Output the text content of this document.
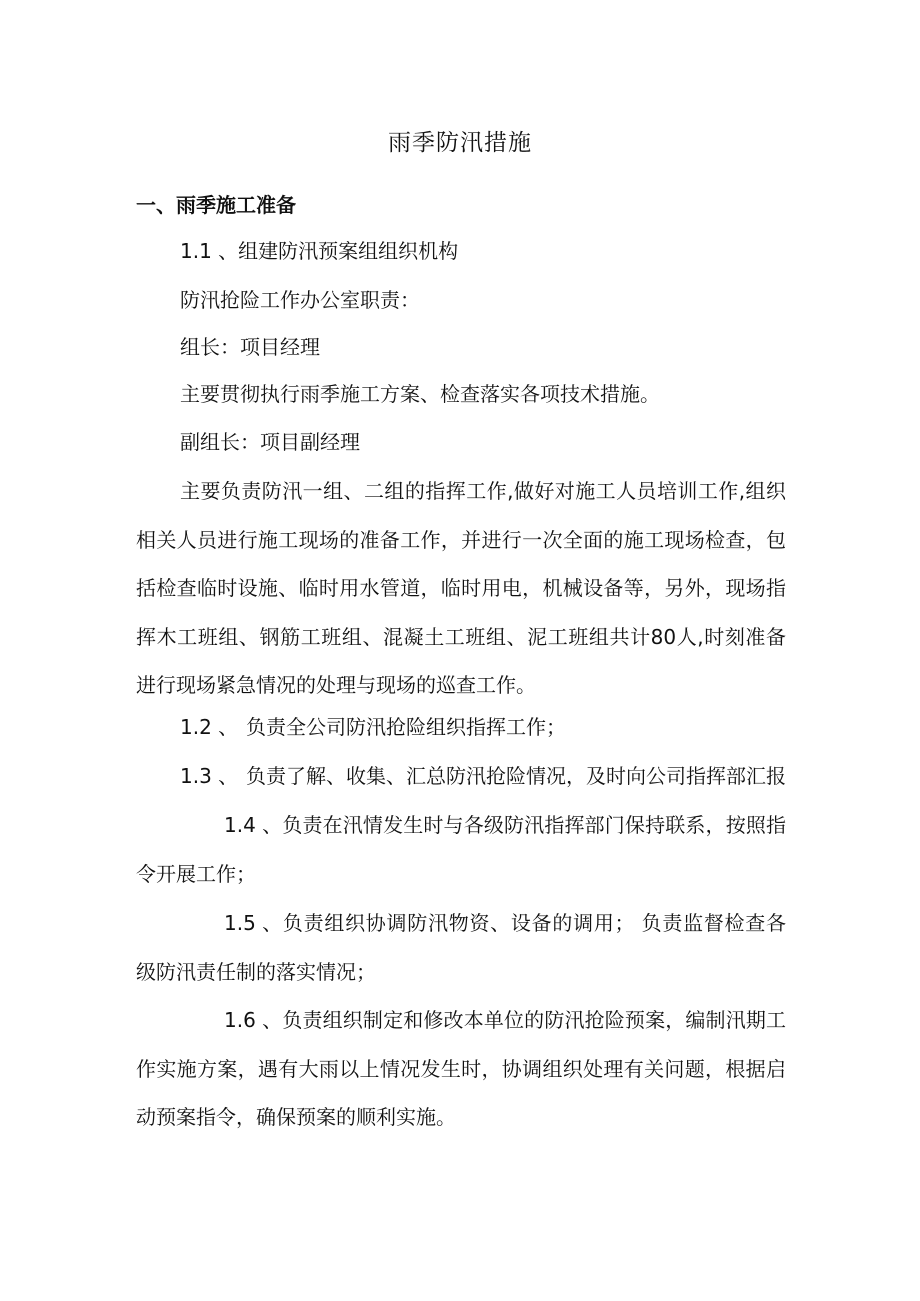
雨季防汛措施
一、雨季施工准备
1.1 、组建防汛预案组组织机构
防汛抢险工作办公室职责：
组长：项目经理
主要贯彻执行雨季施工方案、检查落实各项技术措施。
副组长：项目副经理
主要负责防汛一组、二组的指挥工作,做好对施工人员培训工作,组织相关人员进行施工现场的准备工作，并进行一次全面的施工现场检查，包括检查临时设施、临时用水管道，临时用电，机械设备等，另外，现场指挥木工班组、钢筋工班组、混凝土工班组、泥工班组共计80人,时刻准备进行现场紧急情况的处理与现场的巡查工作。
1.2 、 负责全公司防汛抢险组织指挥工作；
1.3 、 负责了解、收集、汇总防汛抢险情况，及时向公司指挥部汇报
1.4 、负责在汛情发生时与各级防汛指挥部门保持联系，按照指令开展工作；
1.5 、负责组织协调防汛物资、设备的调用； 负责监督检查各级防汛责任制的落实情况；
1.6 、负责组织制定和修改本单位的防汛抢险预案，编制汛期工作实施方案，遇有大雨以上情况发生时，协调组织处理有关问题，根据启动预案指令，确保预案的顺利实施。
